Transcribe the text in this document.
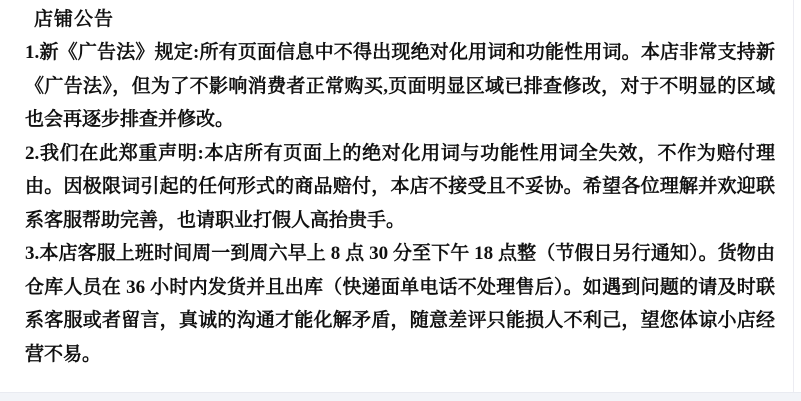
店铺公告

1.新《广告法》规定:所有页面信息中不得出现绝对化用词和功能性用词。本店非常支持新《广告法》，但为了不影响消费者正常购买,页面明显区域已排查修改，对于不明显的区域也会再逐步排查并修改。

2.我们在此郑重声明:本店所有页面上的绝对化用词与功能性用词全失效，不作为赔付理由。因极限词引起的任何形式的商品赔付，本店不接受且不妥协。希望各位理解并欢迎联系客服帮助完善，也请职业打假人高抬贵手。

3.本店客服上班时间周一到周六早上 8 点 30 分至下午 18 点整（节假日另行通知）。货物由仓库人员在 36 小时内发货并且出库（快递面单电话不处理售后）。如遇到问题的请及时联系客服或者留言，真诚的沟通才能化解矛盾，随意差评只能损人不利己，望您体谅小店经营不易。
